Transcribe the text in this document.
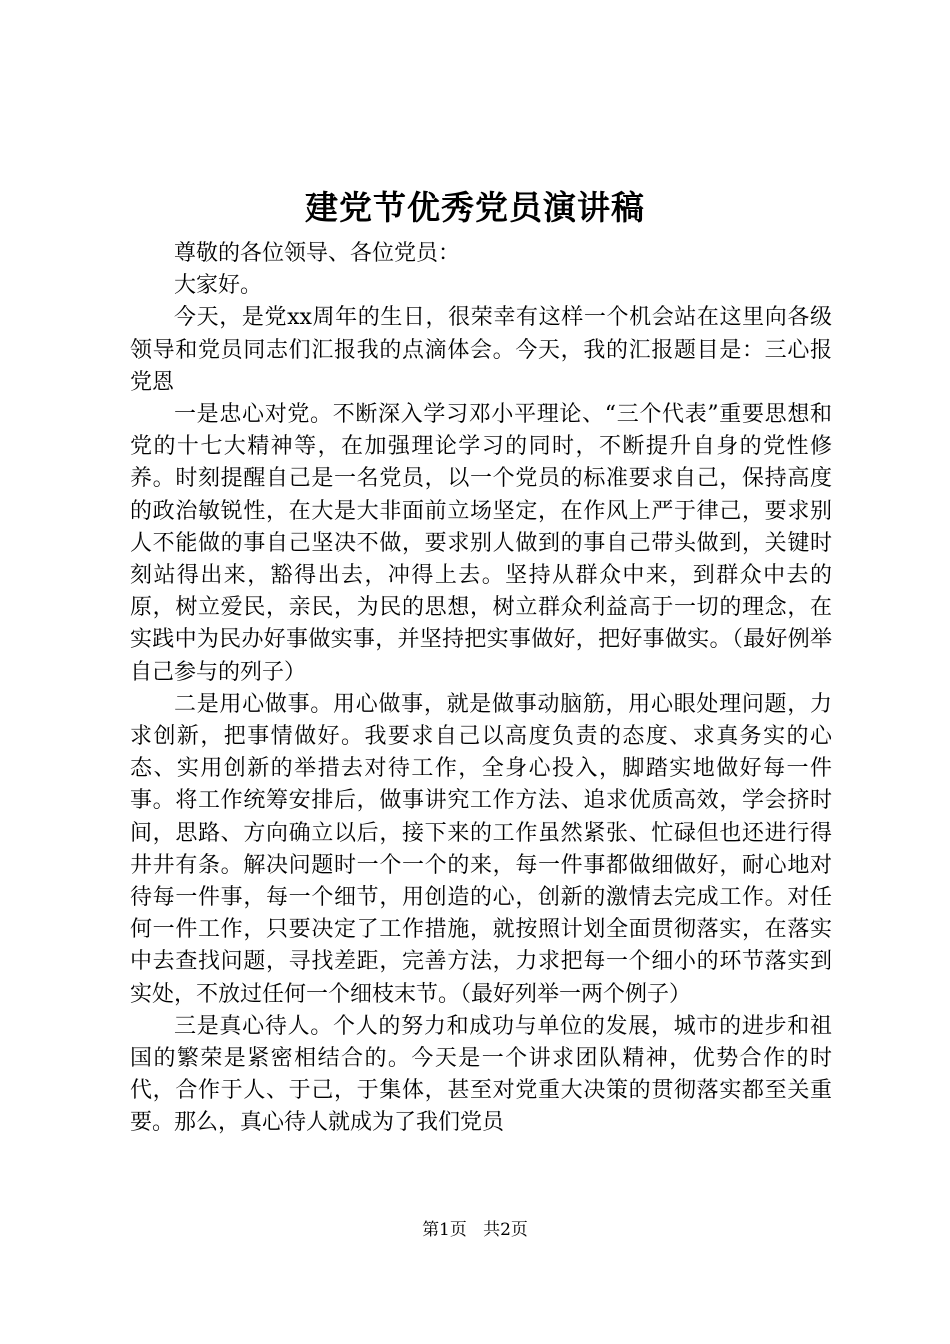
建党节优秀党员演讲稿

尊敬的各位领导、各位党员：

大家好。

今天，是党xx周年的生日，很荣幸有这样一个机会站在这里向各级领导和党员同志们汇报我的点滴体会。今天，我的汇报题目是：三心报党恩

一是忠心对党。不断深入学习邓小平理论、“三个代表”重要思想和党的十七大精神等，在加强理论学习的同时，不断提升自身的党性修养。时刻提醒自己是一名党员，以一个党员的标准要求自己，保持高度的政治敏锐性，在大是大非面前立场坚定，在作风上严于律己，要求别人不能做的事自己坚决不做，要求别人做到的事自己带头做到，关键时刻站得出来，豁得出去，冲得上去。坚持从群众中来，到群众中去的原，树立爱民，亲民，为民的思想，树立群众利益高于一切的理念，在实践中为民办好事做实事，并坚持把实事做好，把好事做实。（最好例举自己参与的列子）

二是用心做事。用心做事，就是做事动脑筋，用心眼处理问题，力求创新，把事情做好。我要求自己以高度负责的态度、求真务实的心态、实用创新的举措去对待工作，全身心投入，脚踏实地做好每一件事。将工作统筹安排后，做事讲究工作方法、追求优质高效，学会挤时间，思路、方向确立以后，接下来的工作虽然紧张、忙碌但也还进行得井井有条。解决问题时一个一个的来，每一件事都做细做好，耐心地对待每一件事，每一个细节，用创造的心，创新的激情去完成工作。对任何一件工作，只要决定了工作措施，就按照计划全面贯彻落实，在落实中去查找问题，寻找差距，完善方法，力求把每一个细小的环节落实到实处，不放过任何一个细枝末节。（最好列举一两个例子）

三是真心待人。个人的努力和成功与单位的发展，城市的进步和祖国的繁荣是紧密相结合的。今天是一个讲求团队精神，优势合作的时代，合作于人、于己，于集体，甚至对党重大决策的贯彻落实都至关重要。那么，真心待人就成为了我们党员

第1页 共2页
